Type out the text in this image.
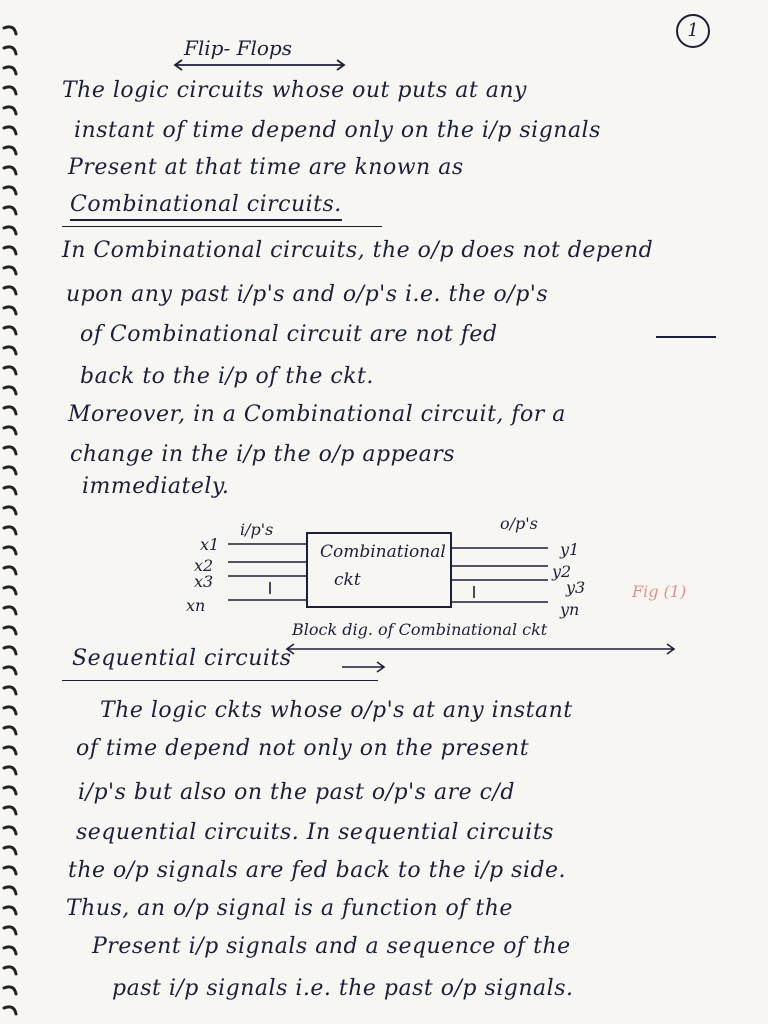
1
Flip- Flops
The logic circuits whose out puts at any
instant of time depend only on the i/p signals
Present at that time are known as
Combinational circuits.
In Combinational circuits, the o/p does not depend
upon any past i/p's and o/p's i.e. the o/p's
of Combinational circuit are not fed
back to the i/p of the ckt.
Moreover, in a Combinational circuit, for a
change in the i/p the o/p appears
immediately.
i/p's	o/p's
Combinational
ckt
x1
x2
x3
xn
y1
y2
y3
yn
Fig (1)
Block dig. of Combinational ckt
Sequential circuits
The logic ckts whose o/p's at any instant
of time depend not only on the present
i/p's but also on the past o/p's are c/d
sequential circuits. In sequential circuits
the o/p signals are fed back to the i/p side.
Thus, an o/p signal is a function of the
Present i/p signals and a sequence of the
past i/p signals i.e. the past o/p signals.
